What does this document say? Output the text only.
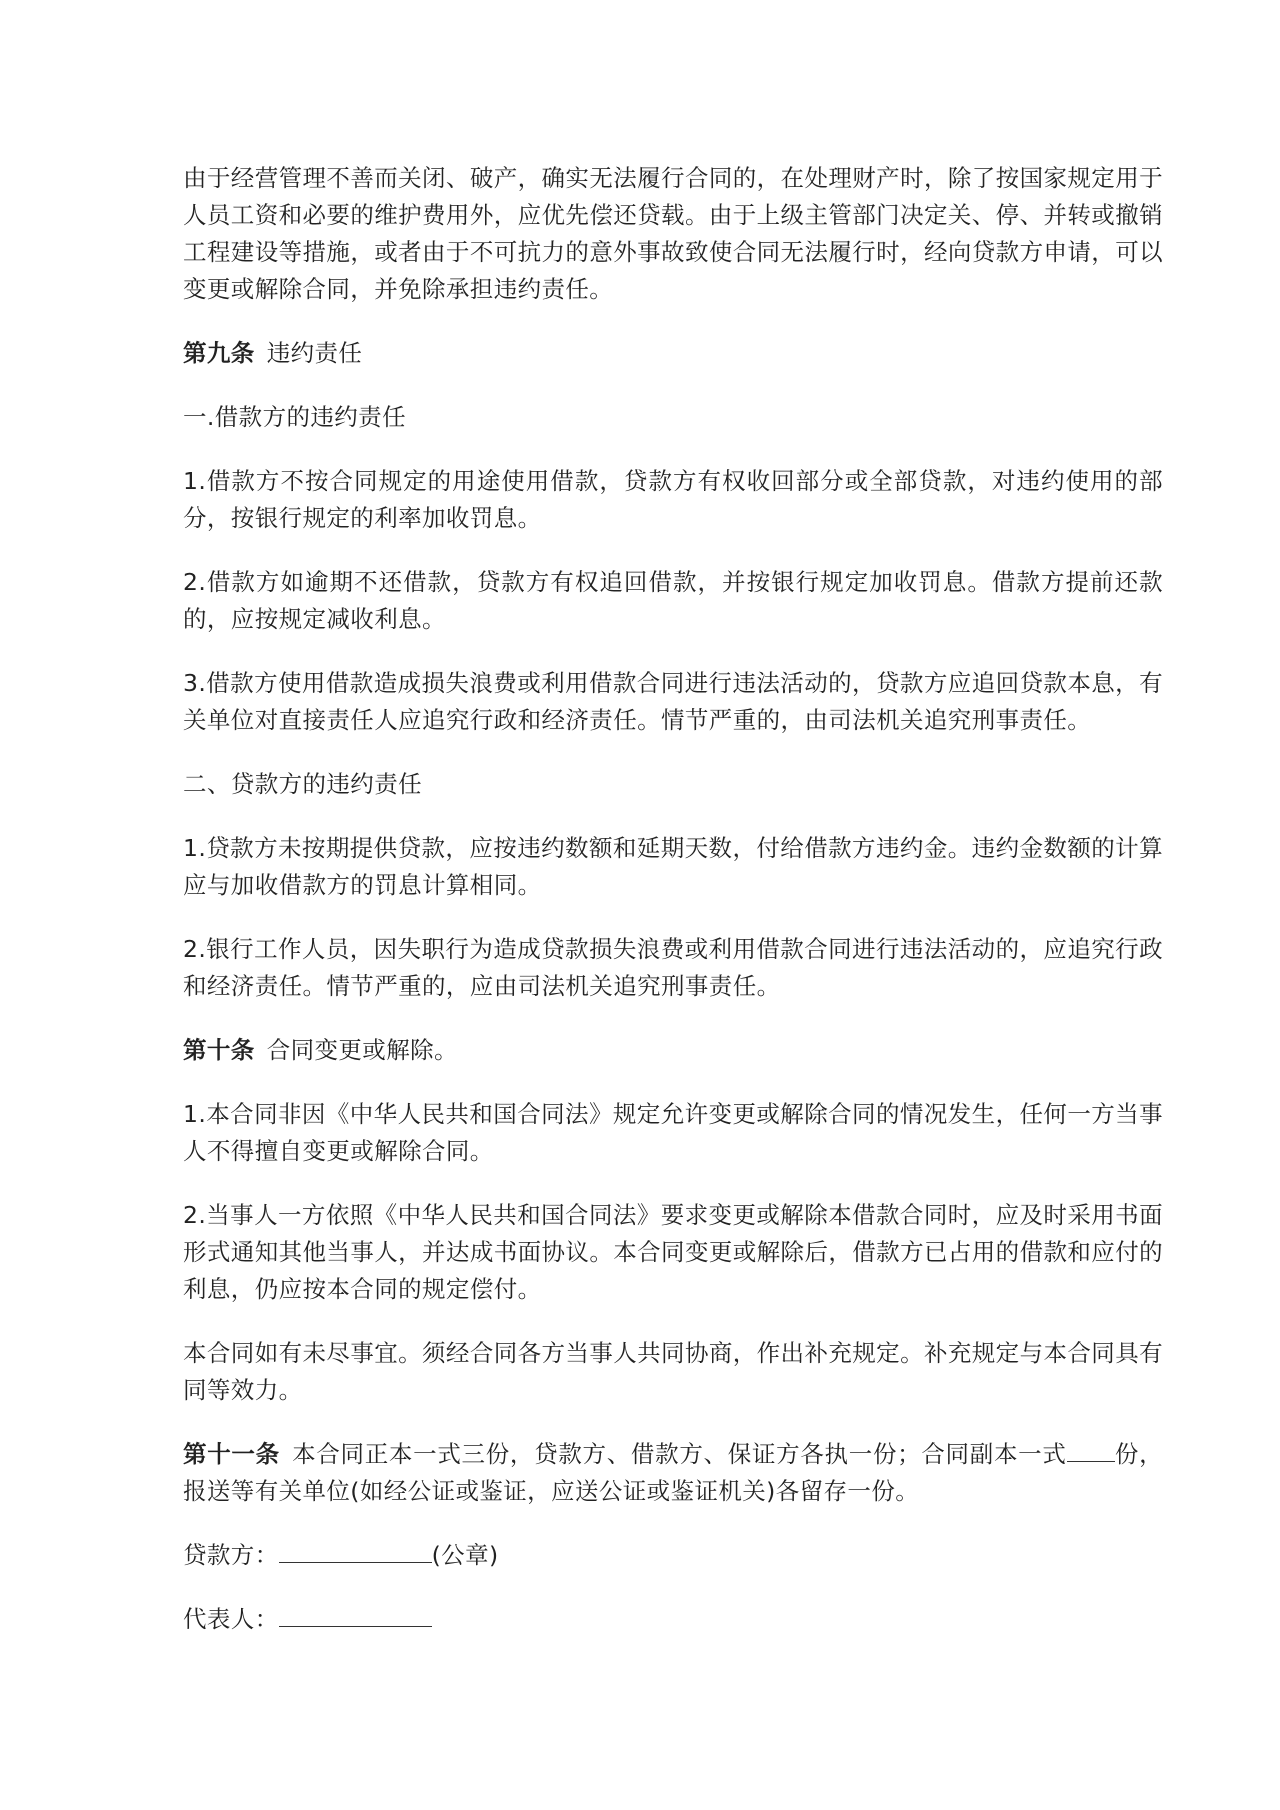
由于经营管理不善而关闭、破产，确实无法履行合同的，在处理财产时，除了按国家规定用于人员工资和必要的维护费用外，应优先偿还贷载。由于上级主管部门决定关、停、并转或撤销工程建设等措施，或者由于不可抗力的意外事故致使合同无法履行时，经向贷款方申请，可以变更或解除合同，并免除承担违约责任。

第九条 违约责任

一.借款方的违约责任

1.借款方不按合同规定的用途使用借款，贷款方有权收回部分或全部贷款，对违约使用的部分，按银行规定的利率加收罚息。

2.借款方如逾期不还借款，贷款方有权追回借款，并按银行规定加收罚息。借款方提前还款的，应按规定减收利息。

3.借款方使用借款造成损失浪费或利用借款合同进行违法活动的，贷款方应追回贷款本息，有关单位对直接责任人应追究行政和经济责任。情节严重的，由司法机关追究刑事责任。

二、贷款方的违约责任

1.贷款方未按期提供贷款，应按违约数额和延期天数，付给借款方违约金。违约金数额的计算应与加收借款方的罚息计算相同。

2.银行工作人员，因失职行为造成贷款损失浪费或利用借款合同进行违法活动的，应追究行政和经济责任。情节严重的，应由司法机关追究刑事责任。

第十条 合同变更或解除。

1.本合同非因《中华人民共和国合同法》规定允许变更或解除合同的情况发生，任何一方当事人不得擅自变更或解除合同。

2.当事人一方依照《中华人民共和国合同法》要求变更或解除本借款合同时，应及时采用书面形式通知其他当事人，并达成书面协议。本合同变更或解除后，借款方已占用的借款和应付的利息，仍应按本合同的规定偿付。

本合同如有未尽事宜。须经合同各方当事人共同协商，作出补充规定。补充规定与本合同具有同等效力。

第十一条 本合同正本一式三份，贷款方、借款方、保证方各执一份；合同副本一式 份，报送等有关单位(如经公证或鉴证，应送公证或鉴证机关)各留存一份。

贷款方：	(公章)

代表人：
